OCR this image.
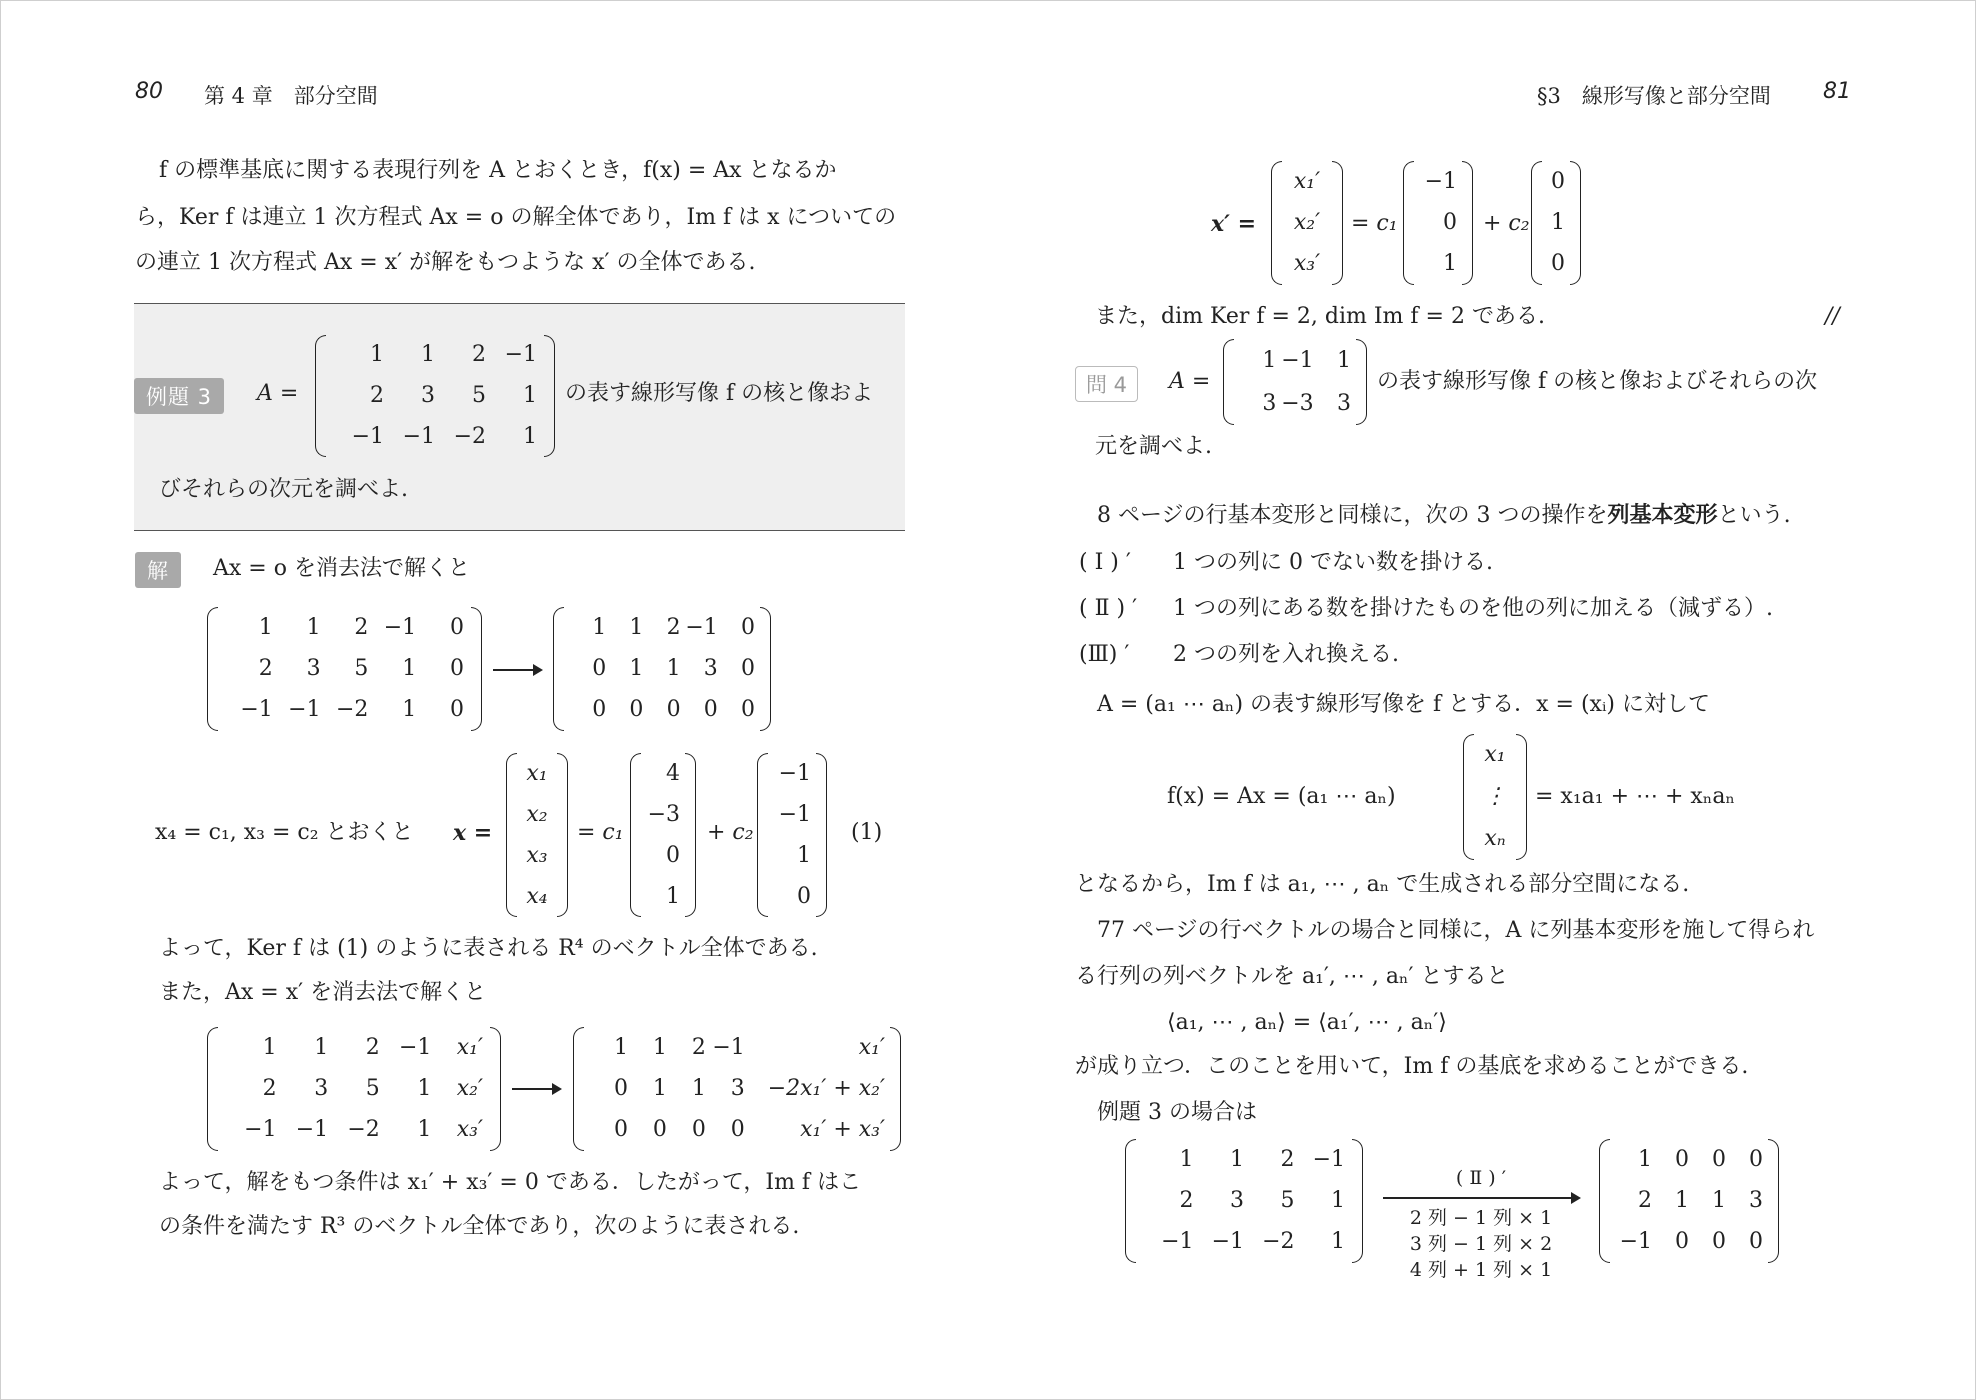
80 第 4 章　部分空間
f の標準基底に関する表現行列を A とおくとき，f(x) = Ax となるか
ら，Ker f は連立 1 次方程式 Ax = o の解全体であり，Im f は x についての
の連立 1 次方程式 Ax = x′ が解をもつような x′ の全体である.
例題 3	A =
1	1	2 −1
2	3	5	1
−1 −1 −2	1
の表す線形写像 f の核と像およ
びそれらの次元を調べよ.
解	Ax = o を消去法で解くと
1	1	2 −1	0
2	3	5	1	0
−1 −1 −2	1	0
1	1	2 −1	0
0	1	1	3	0
0	0	0	0	0
x₄ = c₁, x₃ = c₂ とおくと x =
x₁
x₂
x₃
x₄
= c₁
4
−3
0
1
+ c₂
−1
−1
1
0
(1)
よって，Ker f は (1) のように表される R⁴ のベクトル全体である.
また，Ax = x′ を消去法で解くと
1	1	2 −1	x₁′
2	3	5	1	x₂′
−1 −1 −2	1	x₃′
1	1	2 −1	x₁′
0	1	1	3	−2x₁′ + x₂′
0	0	0	0	x₁′ + x₃′
よって，解をもつ条件は x₁′ + x₃′ = 0 である．したがって，Im f はこ
の条件を満たす R³ のベクトル全体であり，次のように表される.
§3　線形写像と部分空間 81
x′ =
x₁′
x₂′
x₃′
= c₁
−1
0
1
+ c₂
0
1
0
また，dim Ker f = 2, dim Im f = 2 である.	//
問 4	A =
1 −1	1
3 −3	3
の表す線形写像 f の核と像およびそれらの次
元を調べよ.
8 ページの行基本変形と同様に，次の 3 つの操作を列基本変形という.
( Ⅰ ) ′ 1 つの列に 0 でない数を掛ける.
( Ⅱ ) ′ 1 つの列にある数を掛けたものを他の列に加える（減ずる）.
(Ⅲ) ′ 2 つの列を入れ換える.
A = (a₁ ⋯ aₙ) の表す線形写像を f とする．x = (xᵢ) に対して
f(x) = Ax = (a₁ ⋯ aₙ)
x₁
⋮
xₙ
= x₁a₁ + ⋯ + xₙaₙ
となるから，Im f は a₁, ⋯ , aₙ で生成される部分空間になる.
77 ページの行ベクトルの場合と同様に，A に列基本変形を施して得られ
る行列の列ベクトルを a₁′, ⋯ , aₙ′ とすると
⟨a₁, ⋯ , aₙ⟩ = ⟨a₁′, ⋯ , aₙ′⟩
が成り立つ．このことを用いて，Im f の基底を求めることができる.
例題 3 の場合は
1	1	2 −1
2	3	5	1
−1 −1 −2	1
( Ⅱ ) ′
2 列 − 1 列 × 1
3 列 − 1 列 × 2
4 列 + 1 列 × 1
1	0	0	0
2	1	1	3
−1	0	0	0
